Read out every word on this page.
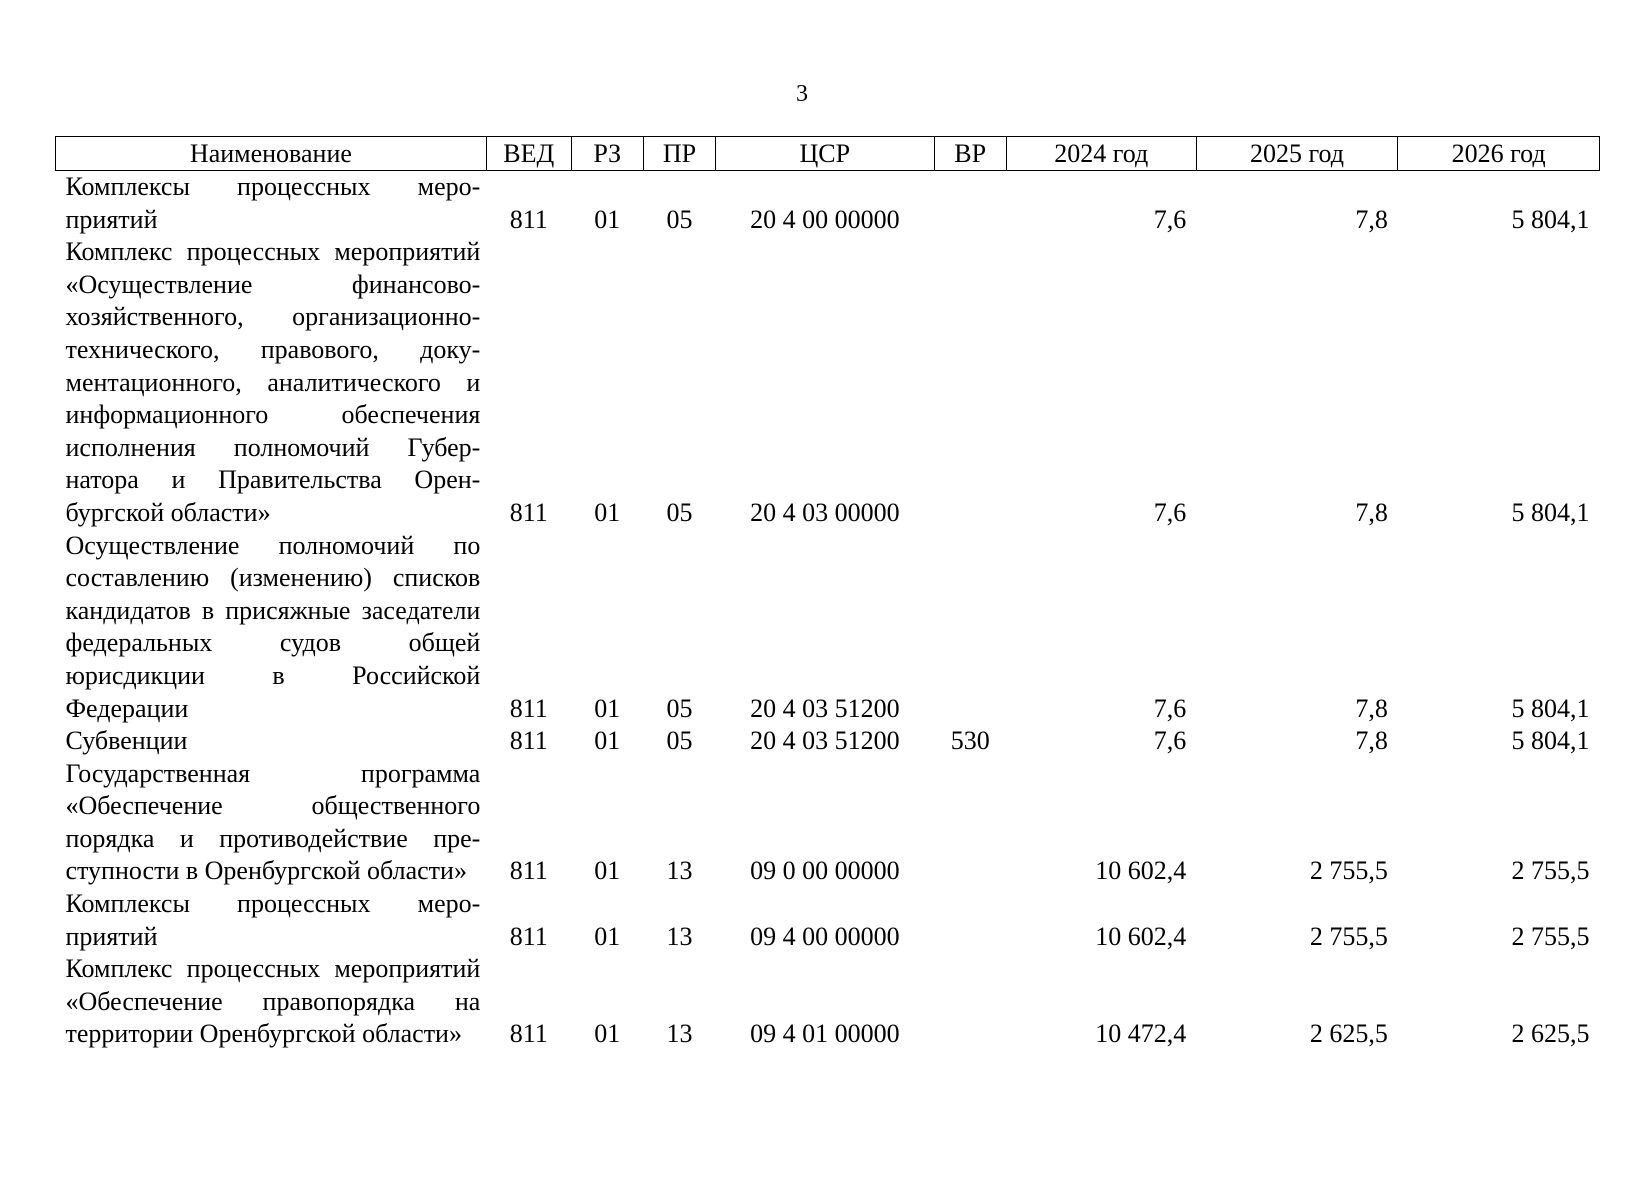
3
Наименование	ВЕД	РЗ	ПР	ЦСР	ВР	2024 год	2025 год	2026 год
Комплексы процессных мероприятий	811	01	05	20 4 00 00000		7,6	7,8	5 804,1
Комплекс процессных мероприятий «Осуществление финансово-хозяйственного, организационно-технического, правового, документационного, аналитического и информационного обеспечения исполнения полномочий Губернатора и Правительства Оренбургской области»	811	01	05	20 4 03 00000		7,6	7,8	5 804,1
Осуществление полномочий по составлению (изменению) списков кандидатов в присяжные заседатели федеральных судов общей юрисдикции в Российской Федерации	811	01	05	20 4 03 51200		7,6	7,8	5 804,1
Субвенции	811	01	05	20 4 03 51200	530	7,6	7,8	5 804,1
Государственная программа «Обеспечение общественного порядка и противодействие преступности в Оренбургской области»	811	01	13	09 0 00 00000		10 602,4	2 755,5	2 755,5
Комплексы процессных мероприятий	811	01	13	09 4 00 00000		10 602,4	2 755,5	2 755,5
Комплекс процессных мероприятий «Обеспечение правопорядка на территории Оренбургской области»	811	01	13	09 4 01 00000		10 472,4	2 625,5	2 625,5
